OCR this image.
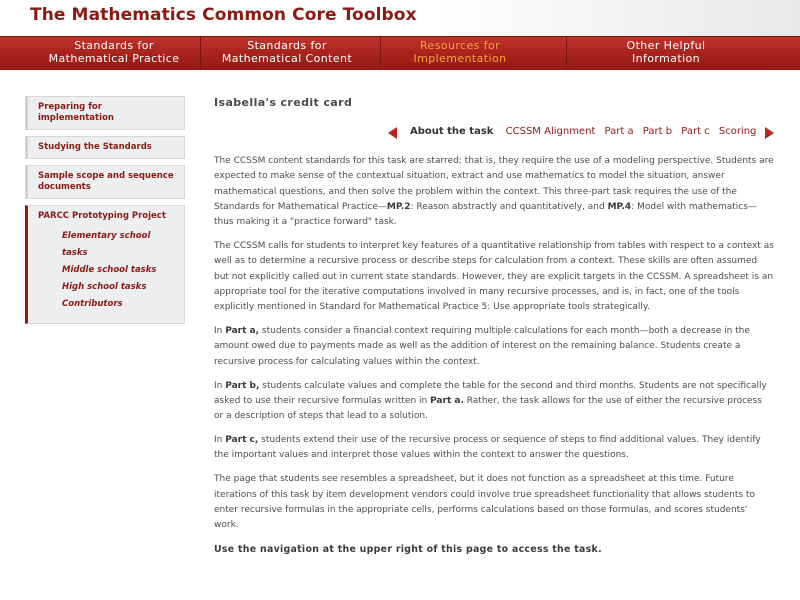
The Mathematics Common Core Toolbox
Standards for
Mathematical Practice
Standards for
Mathematical Content
Resources for
Implementation
Other Helpful
Information
Preparing for implementation
Studying the Standards
Sample scope and sequence documents
PARCC Prototyping Project
Elementary school tasks
Middle school tasks
High school tasks
Contributors
Isabella's credit card
About the task CCSSM Alignment Part a Part b Part c Scoring

The CCSSM content standards for this task are starred; that is, they require the use of a modeling perspective. Students are expected to make sense of the contextual situation, extract and use mathematics to model the situation, answer mathematical questions, and then solve the problem within the context. This three-part task requires the use of the Standards for Mathematical Practice—MP.2: Reason abstractly and quantitatively, and MP.4: Model with mathematics—thus making it a "practice forward" task.

The CCSSM calls for students to interpret key features of a quantitative relationship from tables with respect to a context as well as to determine a recursive process or describe steps for calculation from a context. These skills are often assumed but not explicitly called out in current state standards. However, they are explicit targets in the CCSSM. A spreadsheet is an appropriate tool for the iterative computations involved in many recursive processes, and is, in fact, one of the tools explicitly mentioned in Standard for Mathematical Practice 5: Use appropriate tools strategically.

In Part a, students consider a financial context requiring multiple calculations for each month—both a decrease in the amount owed due to payments made as well as the addition of interest on the remaining balance. Students create a recursive process for calculating values within the context.

In Part b, students calculate values and complete the table for the second and third months. Students are not specifically asked to use their recursive formulas written in Part a. Rather, the task allows for the use of either the recursive process or a description of steps that lead to a solution.

In Part c, students extend their use of the recursive process or sequence of steps to find additional values. They identify the important values and interpret those values within the context to answer the questions.

The page that students see resembles a spreadsheet, but it does not function as a spreadsheet at this time. Future iterations of this task by item development vendors could involve true spreadsheet functionality that allows students to enter recursive formulas in the appropriate cells, performs calculations based on those formulas, and scores students' work.

Use the navigation at the upper right of this page to access the task.
